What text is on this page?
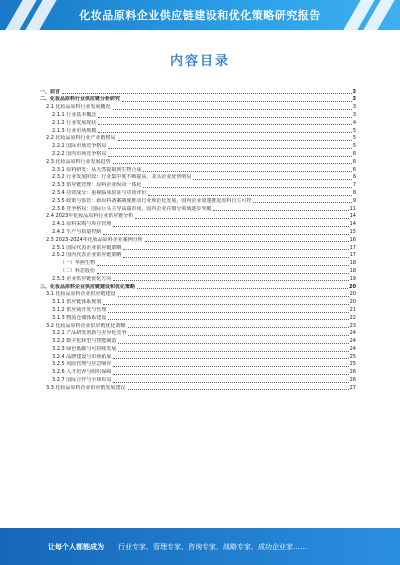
化妆品原料企业供应链建设和优化策略研究报告
内容目录
一、前言	3
二、化妆品原料行业供应链分析研究	3
2.1 化妆品原料行业发展概况	3
2.1.1 行业基本概念	3
2.1.2 行业发展现状	4
2.1.3 行业市场规模	5
2.2 化妆品原料行业产业链格局	5
2.2.1 国际市场竞争格局	5
2.2.2 国内市场竞争格局	6
2.3 化妆品原料行业发展趋势	6
2.3.1 原料研发：从天然提取到生物合成	6
2.3.2 行业发展阶段：行业集中度不断提高，龙头企业优势明显	6
2.3.3 供应链管理：原料企业纵向一体化	7
2.3.4 功效成分：重视临床验证与功效评价	8
2.3.5 政策与监管：新原料备案制度推动行业规范化发展，国内企业加速推进原料自主可控	9
2.3.6 竞争格局：国际巨头主导高端市场，国内企业在细分领域逐步突破	11
2.4 2023年化妆品原料行业供应链分析	14
2.4.1 原料采购与库存管理	14
2.4.2 生产与质量控制	15
2.5 2023-2024年化妆品原料企业案例分析	16
2.5.1 国际代表企业供应链策略	17
2.5.2 国内代表企业供应链策略	17
（一）华熙生物	18
（二）科思股份	18
2.5.3 企业供应链优化方向	19
三、化妆品原料企业供应链建设和优化策略	20
3.1 化妆品原料企业供应链建设	20
3.1.1 供应链体系规划	20
3.1.2 供应商开发与管理	21
3.1.3 物流仓储体系建设	22
3.2 化妆品原料企业供应链优化策略	23
3.2.1 产品研发创新与差异化竞争	24
3.2.2 数字化转型与智能制造	24
3.2.3 绿色低碳与可持续发展	24
3.2.4 品牌建设与市场拓展	25
3.2.5 风险管理与应急响应	25
3.2.6 人才培养与组织保障	26
3.2.7 国际合作与全球布局	26
3.3 化妆品原料企业供应链发展建议	27
让每个人都能成为	行业专家、管理专家、咨询专家、战略专家、成功企业家……
